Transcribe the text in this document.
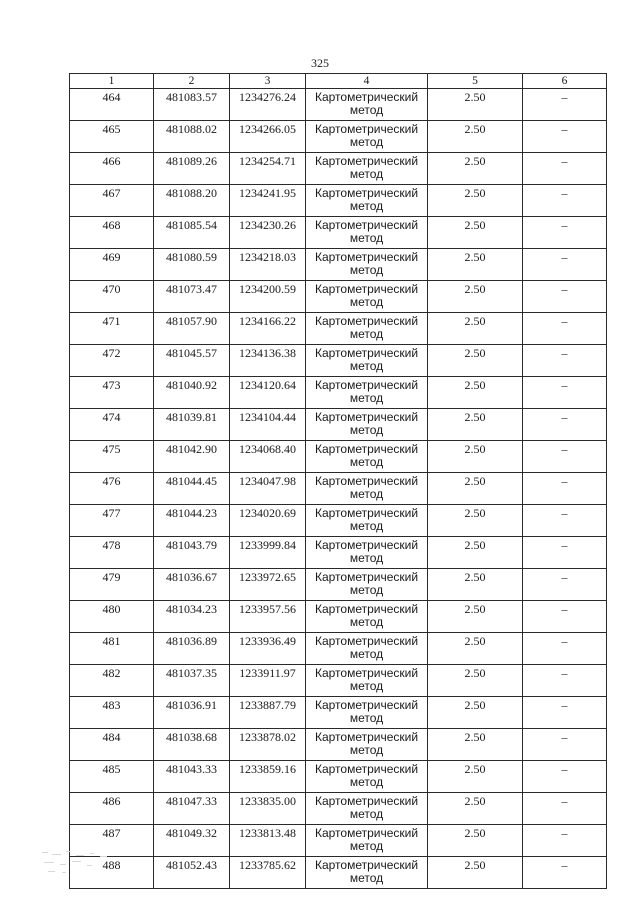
325
1	2	3	4	5	6
464	481083.57	1234276.24	Картометрический метод	2.50	–
465	481088.02	1234266.05	Картометрический метод	2.50	–
466	481089.26	1234254.71	Картометрический метод	2.50	–
467	481088.20	1234241.95	Картометрический метод	2.50	–
468	481085.54	1234230.26	Картометрический метод	2.50	–
469	481080.59	1234218.03	Картометрический метод	2.50	–
470	481073.47	1234200.59	Картометрический метод	2.50	–
471	481057.90	1234166.22	Картометрический метод	2.50	–
472	481045.57	1234136.38	Картометрический метод	2.50	–
473	481040.92	1234120.64	Картометрический метод	2.50	–
474	481039.81	1234104.44	Картометрический метод	2.50	–
475	481042.90	1234068.40	Картометрический метод	2.50	–
476	481044.45	1234047.98	Картометрический метод	2.50	–
477	481044.23	1234020.69	Картометрический метод	2.50	–
478	481043.79	1233999.84	Картометрический метод	2.50	–
479	481036.67	1233972.65	Картометрический метод	2.50	–
480	481034.23	1233957.56	Картометрический метод	2.50	–
481	481036.89	1233936.49	Картометрический метод	2.50	–
482	481037.35	1233911.97	Картометрический метод	2.50	–
483	481036.91	1233887.79	Картометрический метод	2.50	–
484	481038.68	1233878.02	Картометрический метод	2.50	–
485	481043.33	1233859.16	Картометрический метод	2.50	–
486	481047.33	1233835.00	Картометрический метод	2.50	–
487	481049.32	1233813.48	Картометрический метод	2.50	–
488	481052.43	1233785.62	Картометрический метод	2.50	–
